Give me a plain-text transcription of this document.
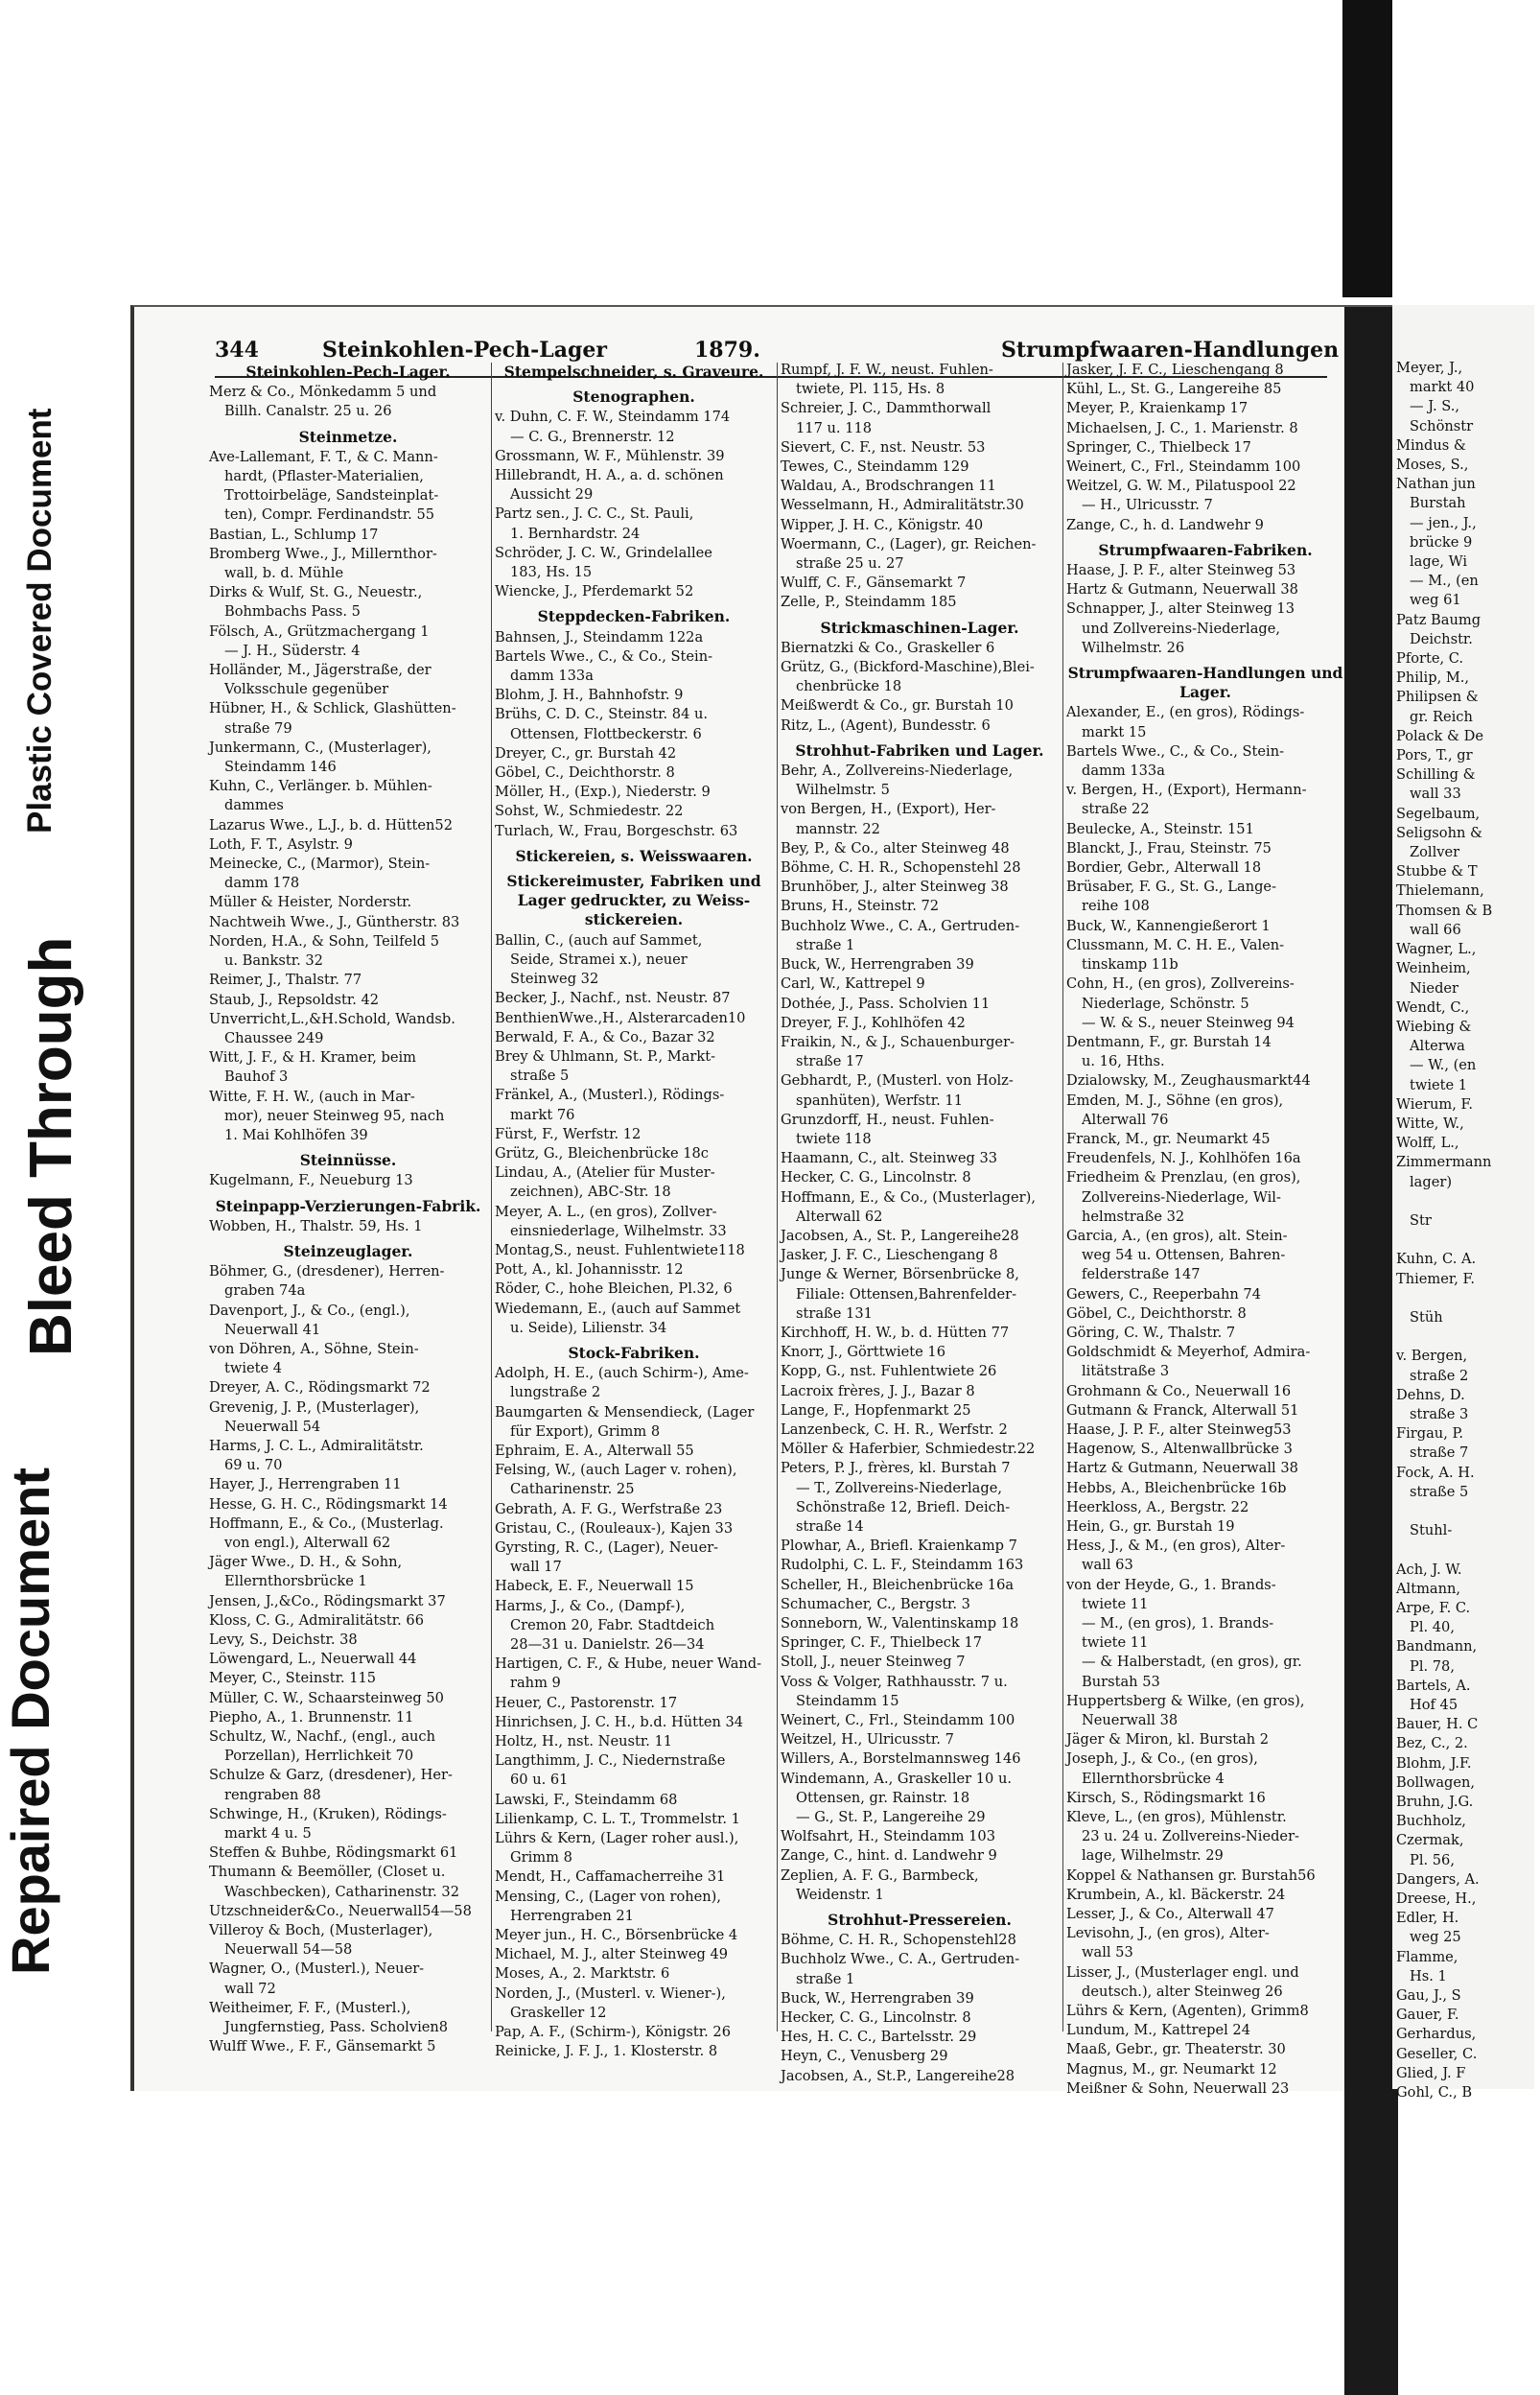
Plastic Covered Document
Bleed Through
Repaired Document
344	Steinkohlen-Pech-Lager	1879.	Strumpfwaaren-Handlungen
Steinkohlen-Pech-Lager.
Merz & Co., Mönkedamm 5 und
Billh. Canalstr. 25 u. 26
Steinmetze.
Ave-Lallemant, F. T., & C. Mann-
hardt, (Pflaster-Materialien,
Trottoirbeläge, Sandsteinplat-
ten), Compr. Ferdinandstr. 55
Bastian, L., Schlump 17
Bromberg Wwe., J., Millernthor-
wall, b. d. Mühle
Dirks & Wulf, St. G., Neuestr.,
Bohmbachs Pass. 5
Fölsch, A., Grützmachergang 1
— J. H., Süderstr. 4
Holländer, M., Jägerstraße, der
Volksschule gegenüber
Hübner, H., & Schlick, Glashütten-
straße 79
Junkermann, C., (Musterlager),
Steindamm 146
Kuhn, C., Verlänger. b. Mühlen-
dammes
Lazarus Wwe., L.J., b. d. Hütten52
Loth, F. T., Asylstr. 9
Meinecke, C., (Marmor), Stein-
damm 178
Müller & Heister, Norderstr.
Nachtweih Wwe., J., Güntherstr. 83
Norden, H.A., & Sohn, Teilfeld 5
u. Bankstr. 32
Reimer, J., Thalstr. 77
Staub, J., Repsoldstr. 42
Unverricht,L.,&H.Schold, Wandsb.
Chaussee 249
Witt, J. F., & H. Kramer, beim
Bauhof 3
Witte, F. H. W., (auch in Mar-
mor), neuer Steinweg 95, nach
1. Mai Kohlhöfen 39
Steinnüsse.
Kugelmann, F., Neueburg 13
Steinpapp-Verzierungen-Fabrik.
Wobben, H., Thalstr. 59, Hs. 1
Steinzeuglager.
Böhmer, G., (dresdener), Herren-
graben 74a
Davenport, J., & Co., (engl.),
Neuerwall 41
von Döhren, A., Söhne, Stein-
twiete 4
Dreyer, A. C., Rödingsmarkt 72
Grevenig, J. P., (Musterlager),
Neuerwall 54
Harms, J. C. L., Admiralitätstr.
69 u. 70
Hayer, J., Herrengraben 11
Hesse, G. H. C., Rödingsmarkt 14
Hoffmann, E., & Co., (Musterlag.
von engl.), Alterwall 62
Jäger Wwe., D. H., & Sohn,
Ellernthorsbrücke 1
Jensen, J.,&Co., Rödingsmarkt 37
Kloss, C. G., Admiralitätstr. 66
Levy, S., Deichstr. 38
Löwengard, L., Neuerwall 44
Meyer, C., Steinstr. 115
Müller, C. W., Schaarsteinweg 50
Piepho, A., 1. Brunnenstr. 11
Schultz, W., Nachf., (engl., auch
Porzellan), Herrlichkeit 70
Schulze & Garz, (dresdener), Her-
rengraben 88
Schwinge, H., (Kruken), Rödings-
markt 4 u. 5
Steffen & Buhbe, Rödingsmarkt 61
Thumann & Beemöller, (Closet u.
Waschbecken), Catharinenstr. 32
Utzschneider&Co., Neuerwall54—58
Villeroy & Boch, (Musterlager),
Neuerwall 54—58
Wagner, O., (Musterl.), Neuer-
wall 72
Weitheimer, F. F., (Musterl.),
Jungfernstieg, Pass. Scholvien8
Wulff Wwe., F. F., Gänsemarkt 5
Stempelschneider, s. Graveure.
Stenographen.
v. Duhn, C. F. W., Steindamm 174
— C. G., Brennerstr. 12
Grossmann, W. F., Mühlenstr. 39
Hillebrandt, H. A., a. d. schönen
Aussicht 29
Partz sen., J. C. C., St. Pauli,
1. Bernhardstr. 24
Schröder, J. C. W., Grindelallee
183, Hs. 15
Wiencke, J., Pferdemarkt 52
Steppdecken-Fabriken.
Bahnsen, J., Steindamm 122a
Bartels Wwe., C., & Co., Stein-
damm 133a
Blohm, J. H., Bahnhofstr. 9
Brühs, C. D. C., Steinstr. 84 u.
Ottensen, Flottbeckerstr. 6
Dreyer, C., gr. Burstah 42
Göbel, C., Deichthorstr. 8
Möller, H., (Exp.), Niederstr. 9
Sohst, W., Schmiedestr. 22
Turlach, W., Frau, Borgeschstr. 63
Stickereien, s. Weisswaaren.
Stickereimuster, Fabriken und Lager gedruckter, zu Weiss-stickereien.
Ballin, C., (auch auf Sammet,
Seide, Stramei x.), neuer
Steinweg 32
Becker, J., Nachf., nst. Neustr. 87
BenthienWwe.,H., Alsterarcaden10
Berwald, F. A., & Co., Bazar 32
Brey & Uhlmann, St. P., Markt-
straße 5
Fränkel, A., (Musterl.), Rödings-
markt 76
Fürst, F., Werfstr. 12
Grütz, G., Bleichenbrücke 18c
Lindau, A., (Atelier für Muster-
zeichnen), ABC-Str. 18
Meyer, A. L., (en gros), Zollver-
einsniederlage, Wilhelmstr. 33
Montag,S., neust. Fuhlentwiete118
Pott, A., kl. Johannisstr. 12
Röder, C., hohe Bleichen, Pl.32, 6
Wiedemann, E., (auch auf Sammet
u. Seide), Lilienstr. 34
Stock-Fabriken.
Adolph, H. E., (auch Schirm-), Ame-
lungstraße 2
Baumgarten & Mensendieck, (Lager
für Export), Grimm 8
Ephraim, E. A., Alterwall 55
Felsing, W., (auch Lager v. rohen),
Catharinenstr. 25
Gebrath, A. F. G., Werfstraße 23
Gristau, C., (Rouleaux-), Kajen 33
Gyrsting, R. C., (Lager), Neuer-
wall 17
Habeck, E. F., Neuerwall 15
Harms, J., & Co., (Dampf-),
Cremon 20, Fabr. Stadtdeich
28—31 u. Danielstr. 26—34
Hartigen, C. F., & Hube, neuer Wand-
rahm 9
Heuer, C., Pastorenstr. 17
Hinrichsen, J. C. H., b.d. Hütten 34
Holtz, H., nst. Neustr. 11
Langthimm, J. C., Niedernstraße
60 u. 61
Lawski, F., Steindamm 68
Lilienkamp, C. L. T., Trommelstr. 1
Lührs & Kern, (Lager roher ausl.),
Grimm 8
Mendt, H., Caffamacherreihe 31
Mensing, C., (Lager von rohen),
Herrengraben 21
Meyer jun., H. C., Börsenbrücke 4
Michael, M. J., alter Steinweg 49
Moses, A., 2. Marktstr. 6
Norden, J., (Musterl. v. Wiener-),
Graskeller 12
Pap, A. F., (Schirm-), Königstr. 26
Reinicke, J. F. J., 1. Klosterstr. 8
Rumpf, J. F. W., neust. Fuhlen-
twiete, Pl. 115, Hs. 8
Schreier, J. C., Dammthorwall
117 u. 118
Sievert, C. F., nst. Neustr. 53
Tewes, C., Steindamm 129
Waldau, A., Brodschrangen 11
Wesselmann, H., Admiralitätstr.30
Wipper, J. H. C., Königstr. 40
Woermann, C., (Lager), gr. Reichen-
straße 25 u. 27
Wulff, C. F., Gänsemarkt 7
Zelle, P., Steindamm 185
Strickmaschinen-Lager.
Biernatzki & Co., Graskeller 6
Grütz, G., (Bickford-Maschine),Blei-
chenbrücke 18
Meißwerdt & Co., gr. Burstah 10
Ritz, L., (Agent), Bundesstr. 6
Strohhut-Fabriken und Lager.
Behr, A., Zollvereins-Niederlage,
Wilhelmstr. 5
von Bergen, H., (Export), Her-
mannstr. 22
Bey, P., & Co., alter Steinweg 48
Böhme, C. H. R., Schopenstehl 28
Brunhöber, J., alter Steinweg 38
Bruns, H., Steinstr. 72
Buchholz Wwe., C. A., Gertruden-
straße 1
Buck, W., Herrengraben 39
Carl, W., Kattrepel 9
Dothée, J., Pass. Scholvien 11
Dreyer, F. J., Kohlhöfen 42
Fraikin, N., & J., Schauenburger-
straße 17
Gebhardt, P., (Musterl. von Holz-
spanhüten), Werfstr. 11
Grunzdorff, H., neust. Fuhlen-
twiete 118
Haamann, C., alt. Steinweg 33
Hecker, C. G., Lincolnstr. 8
Hoffmann, E., & Co., (Musterlager),
Alterwall 62
Jacobsen, A., St. P., Langereihe28
Jasker, J. F. C., Lieschengang 8
Junge & Werner, Börsenbrücke 8,
Filiale: Ottensen,Bahrenfelder-
straße 131
Kirchhoff, H. W., b. d. Hütten 77
Knorr, J., Görttwiete 16
Kopp, G., nst. Fuhlentwiete 26
Lacroix frères, J. J., Bazar 8
Lange, F., Hopfenmarkt 25
Lanzenbeck, C. H. R., Werfstr. 2
Möller & Haferbier, Schmiedestr.22
Peters, P. J., frères, kl. Burstah 7
— T., Zollvereins-Niederlage,
Schönstraße 12, Briefl. Deich-
straße 14
Plowhar, A., Briefl. Kraienkamp 7
Rudolphi, C. L. F., Steindamm 163
Scheller, H., Bleichenbrücke 16a
Schumacher, C., Bergstr. 3
Sonneborn, W., Valentinskamp 18
Springer, C. F., Thielbeck 17
Stoll, J., neuer Steinweg 7
Voss & Volger, Rathhausstr. 7 u.
Steindamm 15
Weinert, C., Frl., Steindamm 100
Weitzel, H., Ulricusstr. 7
Willers, A., Borstelmannsweg 146
Windemann, A., Graskeller 10 u.
Ottensen, gr. Rainstr. 18
— G., St. P., Langereihe 29
Wolfsahrt, H., Steindamm 103
Zange, C., hint. d. Landwehr 9
Zeplien, A. F. G., Barmbeck,
Weidenstr. 1
Strohhut-Pressereien.
Böhme, C. H. R., Schopenstehl28
Buchholz Wwe., C. A., Gertruden-
straße 1
Buck, W., Herrengraben 39
Hecker, C. G., Lincolnstr. 8
Hes, H. C. C., Bartelsstr. 29
Heyn, C., Venusberg 29
Jacobsen, A., St.P., Langereihe28
Jasker, J. F. C., Lieschengang 8
Kühl, L., St. G., Langereihe 85
Meyer, P., Kraienkamp 17
Michaelsen, J. C., 1. Marienstr. 8
Springer, C., Thielbeck 17
Weinert, C., Frl., Steindamm 100
Weitzel, G. W. M., Pilatuspool 22
— H., Ulricusstr. 7
Zange, C., h. d. Landwehr 9
Strumpfwaaren-Fabriken.
Haase, J. P. F., alter Steinweg 53
Hartz & Gutmann, Neuerwall 38
Schnapper, J., alter Steinweg 13
und Zollvereins-Niederlage,
Wilhelmstr. 26
Strumpfwaaren-Handlungen und Lager.
Alexander, E., (en gros), Rödings-
markt 15
Bartels Wwe., C., & Co., Stein-
damm 133a
v. Bergen, H., (Export), Hermann-
straße 22
Beulecke, A., Steinstr. 151
Blanckt, J., Frau, Steinstr. 75
Bordier, Gebr., Alterwall 18
Brüsaber, F. G., St. G., Lange-
reihe 108
Buck, W., Kannengießerort 1
Clussmann, M. C. H. E., Valen-
tinskamp 11b
Cohn, H., (en gros), Zollvereins-
Niederlage, Schönstr. 5
— W. & S., neuer Steinweg 94
Dentmann, F., gr. Burstah 14
u. 16, Hths.
Dzialowsky, M., Zeughausmarkt44
Emden, M. J., Söhne (en gros),
Alterwall 76
Franck, M., gr. Neumarkt 45
Freudenfels, N. J., Kohlhöfen 16a
Friedheim & Prenzlau, (en gros),
Zollvereins-Niederlage, Wil-
helmstraße 32
Garcia, A., (en gros), alt. Stein-
weg 54 u. Ottensen, Bahren-
felderstraße 147
Gewers, C., Reeperbahn 74
Göbel, C., Deichthorstr. 8
Göring, C. W., Thalstr. 7
Goldschmidt & Meyerhof, Admira-
litätstraße 3
Grohmann & Co., Neuerwall 16
Gutmann & Franck, Alterwall 51
Haase, J. P. F., alter Steinweg53
Hagenow, S., Altenwallbrücke 3
Hartz & Gutmann, Neuerwall 38
Hebbs, A., Bleichenbrücke 16b
Heerkloss, A., Bergstr. 22
Hein, G., gr. Burstah 19
Hess, J., & M., (en gros), Alter-
wall 63
von der Heyde, G., 1. Brands-
twiete 11
— M., (en gros), 1. Brands-
twiete 11
— & Halberstadt, (en gros), gr.
Burstah 53
Huppertsberg & Wilke, (en gros),
Neuerwall 38
Jäger & Miron, kl. Burstah 2
Joseph, J., & Co., (en gros),
Ellernthorsbrücke 4
Kirsch, S., Rödingsmarkt 16
Kleve, L., (en gros), Mühlenstr.
23 u. 24 u. Zollvereins-Nieder-
lage, Wilhelmstr. 29
Koppel & Nathansen gr. Burstah56
Krumbein, A., kl. Bäckerstr. 24
Lesser, J., & Co., Alterwall 47
Levisohn, J., (en gros), Alter-
wall 53
Lisser, J., (Musterlager engl. und
deutsch.), alter Steinweg 26
Lührs & Kern, (Agenten), Grimm8
Lundum, M., Kattrepel 24
Maaß, Gebr., gr. Theaterstr. 30
Magnus, M., gr. Neumarkt 12
Meißner & Sohn, Neuerwall 23
Meyer, J.,
markt 40
— J. S.,
Schönstr
Mindus &
Moses, S.,
Nathan jun
Burstah
— jen., J.,
brücke 9
lage, Wi
— M., (en
weg 61
Patz Baumg
Deichstr.
Pforte, C.
Philip, M.,
Philipsen &
gr. Reich
Polack & De
Pors, T., gr
Schilling &
wall 33
Segelbaum,
Seligsohn &
Zollver
Stubbe & T
Thielemann,
Thomsen & B
wall 66
Wagner, L.,
Weinheim,
Nieder
Wendt, C.,
Wiebing &
Alterwa
— W., (en
twiete 1
Wierum, F.
Witte, W.,
Wolff, L.,
Zimmermann
lager)

Str

Kuhn, C. A.
Thiemer, F.

Stüh

v. Bergen,
straße 2
Dehns, D.
straße 3
Firgau, P.
straße 7
Fock, A. H.
straße 5

Stuhl-

Ach, J. W.
Altmann,
Arpe, F. C.
Pl. 40,
Bandmann,
Pl. 78,
Bartels, A.
Hof 45
Bauer, H. C
Bez, C., 2.
Blohm, J.F.
Bollwagen,
Bruhn, J.G.
Buchholz,
Czermak,
Pl. 56,
Dangers, A.
Dreese, H.,
Edler, H.
weg 25
Flamme,
Hs. 1
Gau, J., S
Gauer, F.
Gerhardus,
Geseller, C.
Glied, J. F
Gohl, C., B
